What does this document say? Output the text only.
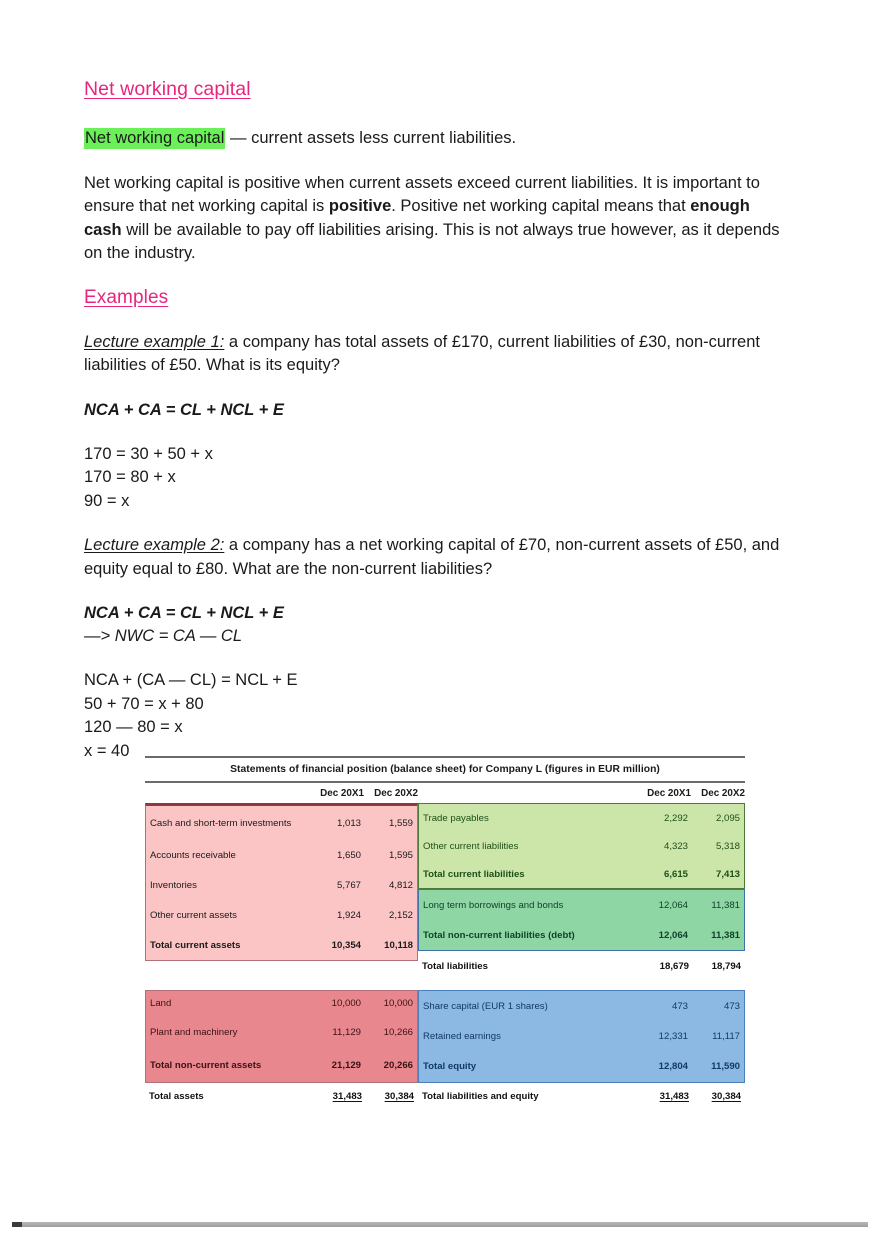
Net working capital

Net working capital — current assets less current liabilities.

Net working capital is positive when current assets exceed current liabilities. It is important to ensure that net working capital is positive. Positive net working capital means that enough cash will be available to pay off liabilities arising. This is not always true however, as it depends on the industry.

Examples

Lecture example 1: a company has total assets of £170, current liabilities of £30, non-current liabilities of £50. What is its equity?

NCA + CA = CL + NCL + E

170 = 30 + 50 + x

170 = 80 + x

90 = x

Lecture example 2: a company has a net working capital of £70, non-current assets of £50, and equity equal to £80. What are the non-current liabilities?

NCA + CA = CL + NCL + E

—> NWC = CA — CL

NCA + (CA — CL) = NCL + E

50 + 70 = x + 80

120 — 80 = x

x = 40

Statements of financial position (balance sheet) for Company L (figures in EUR million)
Dec 20X1	Dec 20X2	Dec 20X1	Dec 20X2
Cash and short-term investments	1,013	1,559
Accounts receivable	1,650	1,595
Inventories	5,767	4,812
Other current assets	1,924	2,152
Total current assets	10,354	10,118
Trade payables	2,292	2,095
Other current liabilities	4,323	5,318
Total current liabilities	6,615	7,413
Long term borrowings and bonds	12,064	11,381
Total non-current liabilities (debt)	12,064	11,381
Total liabilities	18,679	18,794
Land	10,000	10,000
Plant and machinery	11,129	10,266
Total non-current assets	21,129	20,266
Total assets	31,483	30,384
Share capital (EUR 1 shares)	473	473
Retained earnings	12,331	11,117
Total equity	12,804	11,590
Total liabilities and equity	31,483	30,384
